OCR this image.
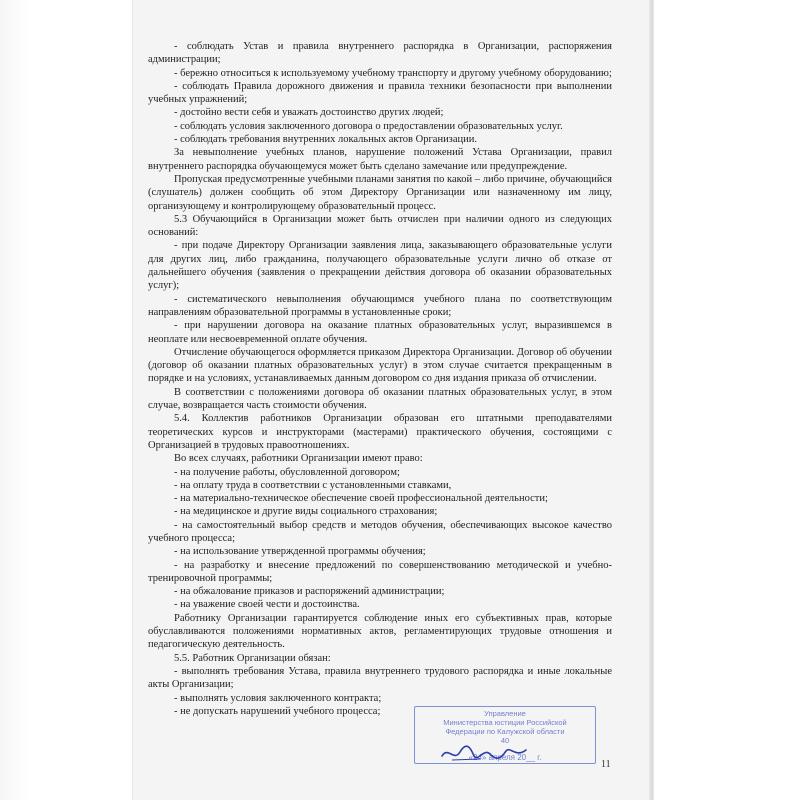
- соблюдать Устав и правила внутреннего распорядка в Организации, распоряжения администрации;

- бережно относиться к используемому учебному транспорту и другому учебному оборудованию;

- соблюдать Правила дорожного движения и правила техники безопасности при выполнении учебных упражнений;

- достойно вести себя и уважать достоинство других людей;

- соблюдать условия заключенного договора о предоставлении образовательных услуг.

- соблюдать требования внутренних локальных актов Организации.

За невыполнение учебных планов, нарушение положений Устава Организации, правил внутреннего распорядка обучающемуся может быть сделано замечание или предупреждение.

Пропуская предусмотренные учебными планами занятия по какой – либо причине, обучающийся (слушатель) должен сообщить об этом Директору Организации или назначенному им лицу, организующему и контролирующему образовательный процесс.

5.3 Обучающийся в Организации может быть отчислен при наличии одного из следующих оснований:

- при подаче Директору Организации заявления лица, заказывающего образовательные услуги для других лиц, либо гражданина, получающего образовательные услуги лично об отказе от дальнейшего обучения (заявления о прекращении действия договора об оказании образовательных услуг);

- систематического невыполнения обучающимся учебного плана по соответствующим направлениям образовательной программы в установленные сроки;

- при нарушении договора на оказание платных образовательных услуг, выразившемся в неоплате или несвоевременной оплате обучения.

Отчисление обучающегося оформляется приказом Директора Организации. Договор об обучении (договор об оказании платных образовательных услуг) в этом случае считается прекращенным в порядке и на условиях, устанавливаемых данным договором со дня издания приказа об отчислении.

В соответствии с положениями договора об оказании платных образовательных услуг, в этом случае, возвращается часть стоимости обучения.

5.4. Коллектив работников Организации образован его штатными преподавателями теоретических курсов и инструкторами (мастерами) практического обучения, состоящими с Организацией в трудовых правоотношениях.

Во всех случаях, работники Организации имеют право:

- на получение работы, обусловленной договором;

- на оплату труда в соответствии с установленными ставками,

- на материально-техническое обеспечение своей профессиональной деятельности;

- на медицинское и другие виды социального страхования;

- на самостоятельный выбор средств и методов обучения, обеспечивающих высокое качество учебного процесса;

- на использование утвержденной программы обучения;

- на разработку и внесение предложений по совершенствованию методической и учебно-тренировочной программы;

- на обжалование приказов и распоряжений администрации;

- на уважение своей чести и достоинства.

Работнику Организации гарантируется соблюдение иных его субъективных прав, которые обуславливаются положениями нормативных актов, регламентирующих трудовые отношения и педагогическую деятельность.

5.5. Работник Организации обязан:

- выполнять требования Устава, правила внутреннего трудового распорядка и иные локальные акты Организации;

- выполнять условия заключенного контракта;

- не допускать нарушений учебного процесса;	Управление
Министерства юстиции Российской
Федерации по Калужской области
40
«24» апреля 20__ г.
11
